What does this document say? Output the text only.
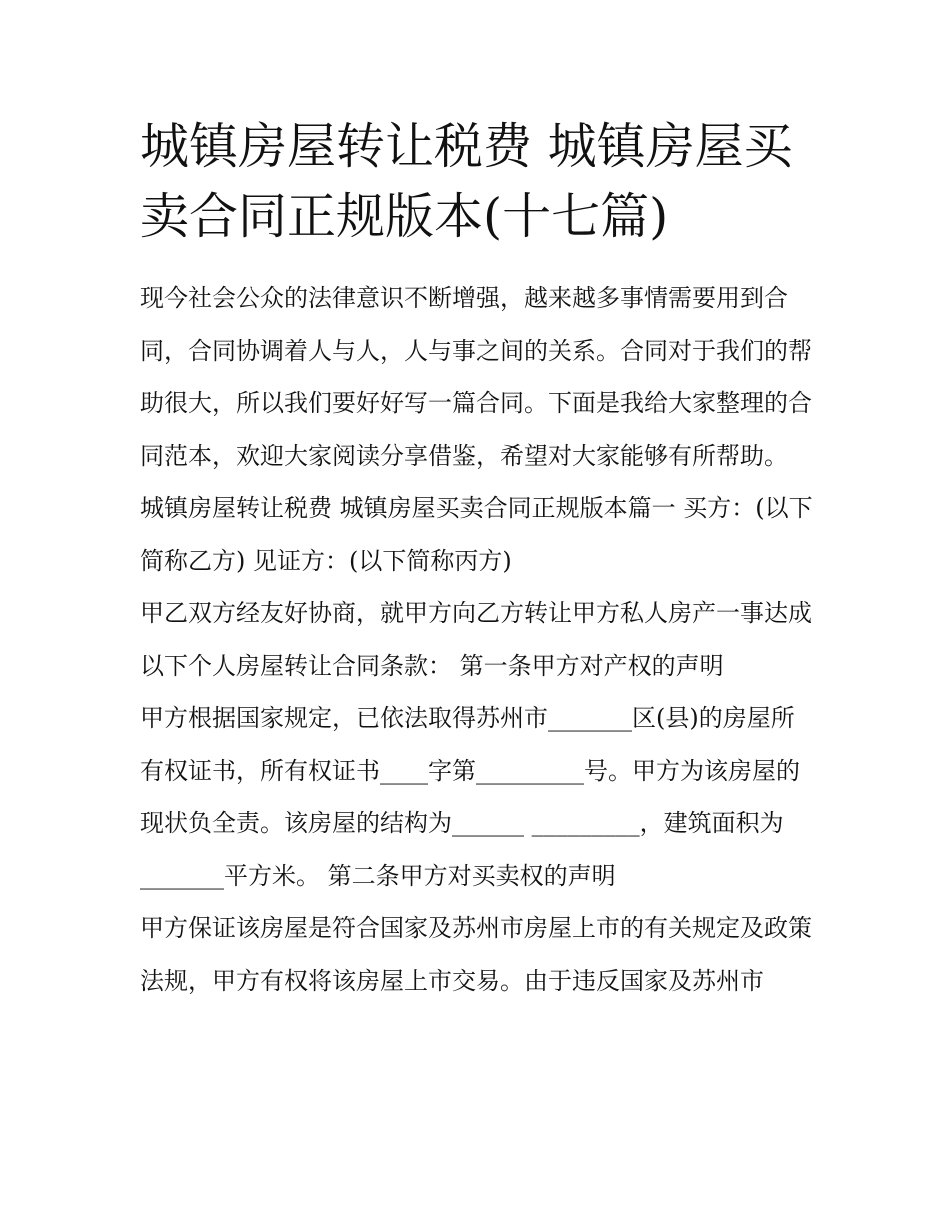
城镇房屋转让税费 城镇房屋买卖合同正规版本(十七篇)

现今社会公众的法律意识不断增强，越来越多事情需要用到合同，合同协调着人与人，人与事之间的关系。合同对于我们的帮助很大，所以我们要好好写一篇合同。下面是我给大家整理的合同范本，欢迎大家阅读分享借鉴，希望对大家能够有所帮助。

城镇房屋转让税费 城镇房屋买卖合同正规版本篇一 买方：(以下简称乙方) 见证方：(以下简称丙方)

甲乙双方经友好协商，就甲方向乙方转让甲方私人房产一事达成以下个人房屋转让合同条款： 第一条甲方对产权的声明

甲方根据国家规定，已依法取得苏州市_______区(县)的房屋所有权证书，所有权证书____字第_________号。甲方为该房屋的现状负全责。该房屋的结构为______ _________，建筑面积为_______平方米。 第二条甲方对买卖权的声明

甲方保证该房屋是符合国家及苏州市房屋上市的有关规定及政策法规，甲方有权将该房屋上市交易。由于违反国家及苏州市
